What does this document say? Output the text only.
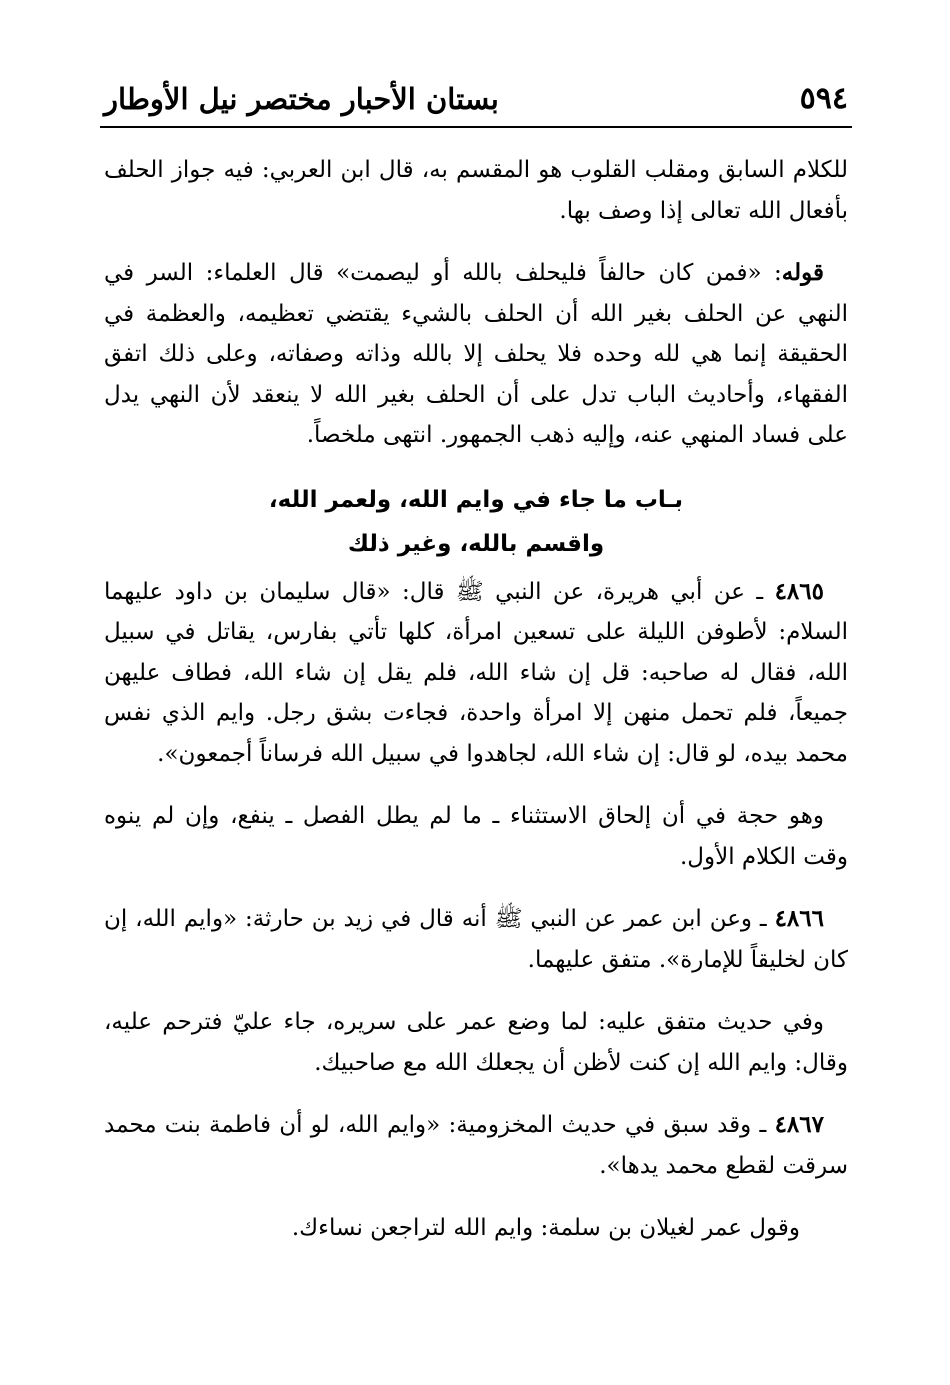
٥٩٤
بستان الأحبار مختصر نيل الأوطار

للكلام السابق ومقلب القلوب هو المقسم به، قال ابن العربي: فيه جواز الحلف بأفعال الله تعالى إذا وصف بها.

قوله: «فمن كان حالفاً فليحلف بالله أو ليصمت» قال العلماء: السر في النهي عن الحلف بغير الله أن الحلف بالشيء يقتضي تعظيمه، والعظمة في الحقيقة إنما هي لله وحده فلا يحلف إلا بالله وذاته وصفاته، وعلى ذلك اتفق الفقهاء، وأحاديث الباب تدل على أن الحلف بغير الله لا ينعقد لأن النهي يدل على فساد المنهي عنه، وإليه ذهب الجمهور. انتهى ملخصاً.

بـاب ما جاء في وايم الله، ولعمر الله،
واقسم بالله، وغير ذلك

٤٨٦٥ ـ عن أبي هريرة، عن النبي ﷺ قال: «قال سليمان بن داود عليهما السلام: لأطوفن الليلة على تسعين امرأة، كلها تأتي بفارس، يقاتل في سبيل الله، فقال له صاحبه: قل إن شاء الله، فلم يقل إن شاء الله، فطاف عليهن جميعاً، فلم تحمل منهن إلا امرأة واحدة، فجاءت بشق رجل. وايم الذي نفس محمد بيده، لو قال: إن شاء الله، لجاهدوا في سبيل الله فرساناً أجمعون».

وهو حجة في أن إلحاق الاستثناء ـ ما لم يطل الفصل ـ ينفع، وإن لم ينوه وقت الكلام الأول.

٤٨٦٦ ـ وعن ابن عمر عن النبي ﷺ أنه قال في زيد بن حارثة: «وايم الله، إن كان لخليقاً للإمارة». متفق عليهما.

وفي حديث متفق عليه: لما وضع عمر على سريره، جاء عليّ فترحم عليه، وقال: وايم الله إن كنت لأظن أن يجعلك الله مع صاحبيك.

٤٨٦٧ ـ وقد سبق في حديث المخزومية: «وايم الله، لو أن فاطمة بنت محمد سرقت لقطع محمد يدها».

وقول عمر لغيلان بن سلمة: وايم الله لتراجعن نساءك.
